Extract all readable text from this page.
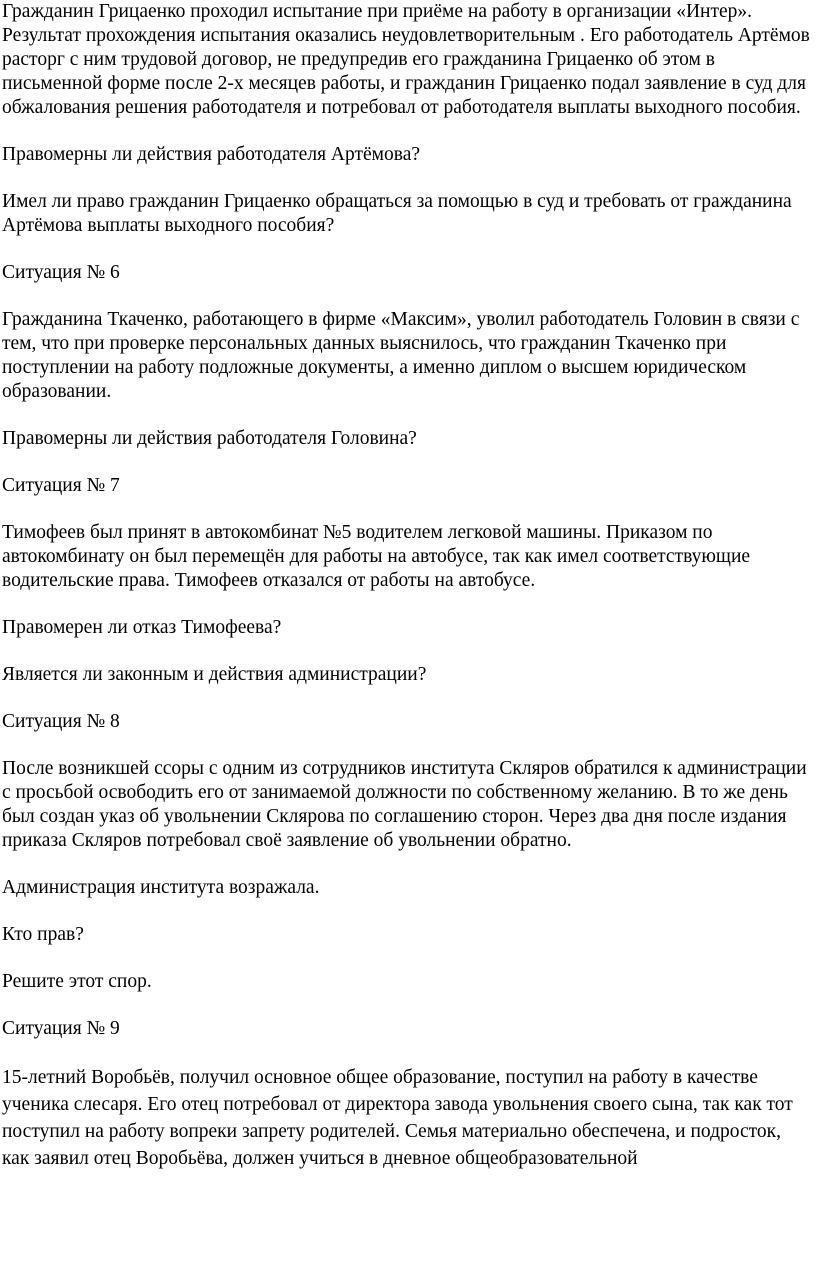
Гражданин Грицаенко проходил испытание при приёме на работу в организации «Интер». Результат прохождения испытания оказались неудовлетворительным . Его работодатель Артёмов расторг с ним трудовой договор, не предупредив его гражданина Грицаенко об этом в письменной форме после 2-х месяцев работы, и гражданин Грицаенко подал заявление в суд для обжалования решения работодателя и потребовал от работодателя выплаты выходного пособия.

Правомерны ли действия работодателя Артёмова?

Имел ли право гражданин Грицаенко обращаться за помощью в суд и требовать от гражданина Артёмова выплаты выходного пособия?

Ситуация № 6

Гражданина Ткаченко, работающего в фирме «Максим», уволил работодатель Головин в связи с тем, что при проверке персональных данных выяснилось, что гражданин Ткаченко при поступлении на работу подложные документы, а именно диплом о высшем юридическом образовании.

Правомерны ли действия работодателя Головина?

Ситуация № 7

Тимофеев был принят в автокомбинат №5 водителем легковой машины. Приказом по автокомбинату он был перемещён для работы на автобусе, так как имел соответствующие водительские права. Тимофеев отказался от работы на автобусе.

Правомерен ли отказ Тимофеева?

Является ли законным и действия администрации?

Ситуация № 8

После возникшей ссоры с одним из сотрудников института Скляров обратился к администрации с просьбой освободить его от занимаемой должности по собственному желанию. В то же день был создан указ об увольнении Склярова по соглашению сторон. Через два дня после издания приказа Скляров потребовал своё заявление об увольнении обратно.

Администрация института возражала.

Кто прав?

Решите этот спор.

Ситуация № 9

15-летний Воробьёв, получил основное общее образование, поступил на работу в качестве ученика слесаря. Его отец потребовал от директора завода увольнения своего сына, так как тот поступил на работу вопреки запрету родителей. Семья материально обеспечена, и подросток, как заявил отец Воробьёва, должен учиться в дневное общеобразовательной
